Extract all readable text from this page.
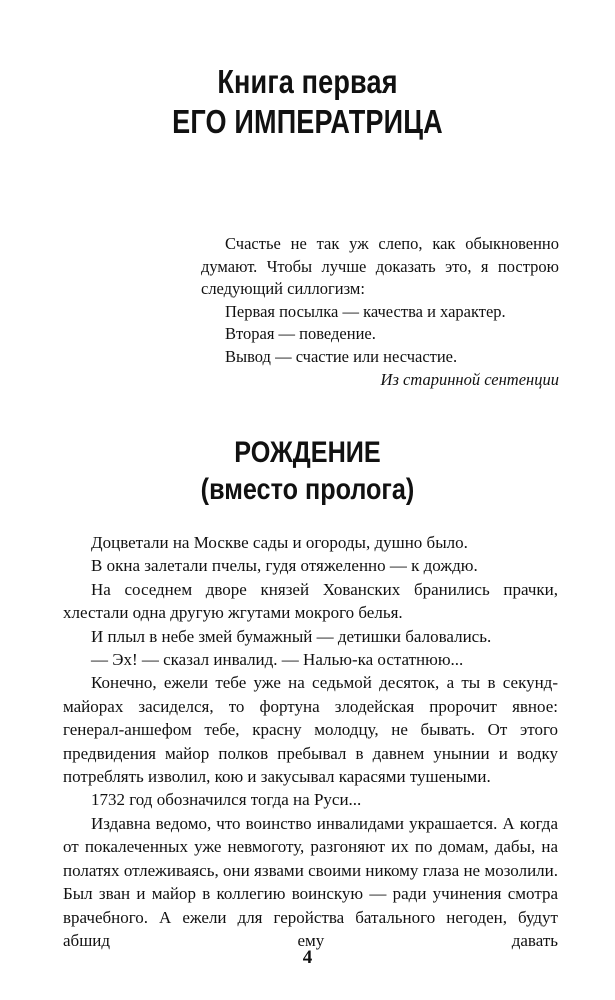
Книга первая
ЕГО ИМПЕРАТРИЦА

Счастье не так уж слепо, как обыкновенно думают. Чтобы лучше доказать это, я построю следующий силлогизм:

Первая посылка — качества и характер.

Вторая — поведение.

Вывод — счастие или несчастие.

Из старинной сентенции

РОЖДЕНИЕ
(вместо пролога)

Доцветали на Москве сады и огороды, душно было.

В окна залетали пчелы, гудя отяжеленно — к дождю.

На соседнем дворе князей Хованских бранились прачки, хлестали одна другую жгутами мокрого белья.

И плыл в небе змей бумажный — детишки баловались.

— Эх! — сказал инвалид. — Налью-ка остатнюю...

Конечно, ежели тебе уже на седьмой десяток, а ты в секунд-майорах засиделся, то фортуна злодейская пророчит явное: генерал-аншефом тебе, красну молодцу, не бывать. От этого предвидения майор полков пребывал в давнем унынии и водку потреблять изволил, кою и закусывал карасями тушеными.

1732 год обозначился тогда на Руси...

Издавна ведомо, что воинство инвалидами украшается. А когда от покалеченных уже невмоготу, разгоняют их по домам, дабы, на полатях отлеживаясь, они язвами своими никому глаза не мозолили. Был зван и майор в коллегию воинскую — ради учинения смотра врачебного. А ежели для геройства батального негоден, будут абшид ему давать

4
